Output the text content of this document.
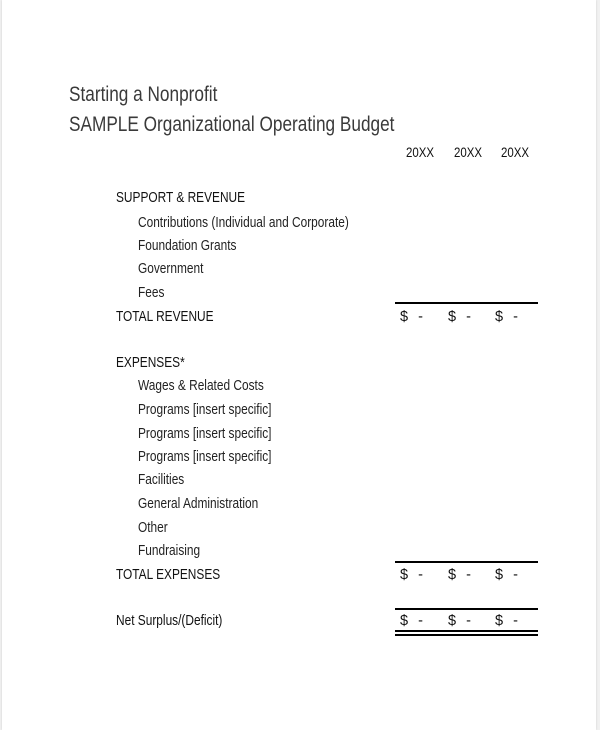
Starting a Nonprofit
SAMPLE Organizational Operating Budget
20XX	20XX	20XX
SUPPORT & REVENUE
Contributions (Individual and Corporate)
Foundation Grants
Government
Fees
TOTAL REVENUE	$ - $ - $ -
EXPENSES*
Wages & Related Costs
Programs [insert specific]
Programs [insert specific]
Programs [insert specific]
Facilities
General Administration
Other
Fundraising
TOTAL EXPENSES	$ - $ - $ -
Net Surplus/(Deficit)	$ - $ - $ -
